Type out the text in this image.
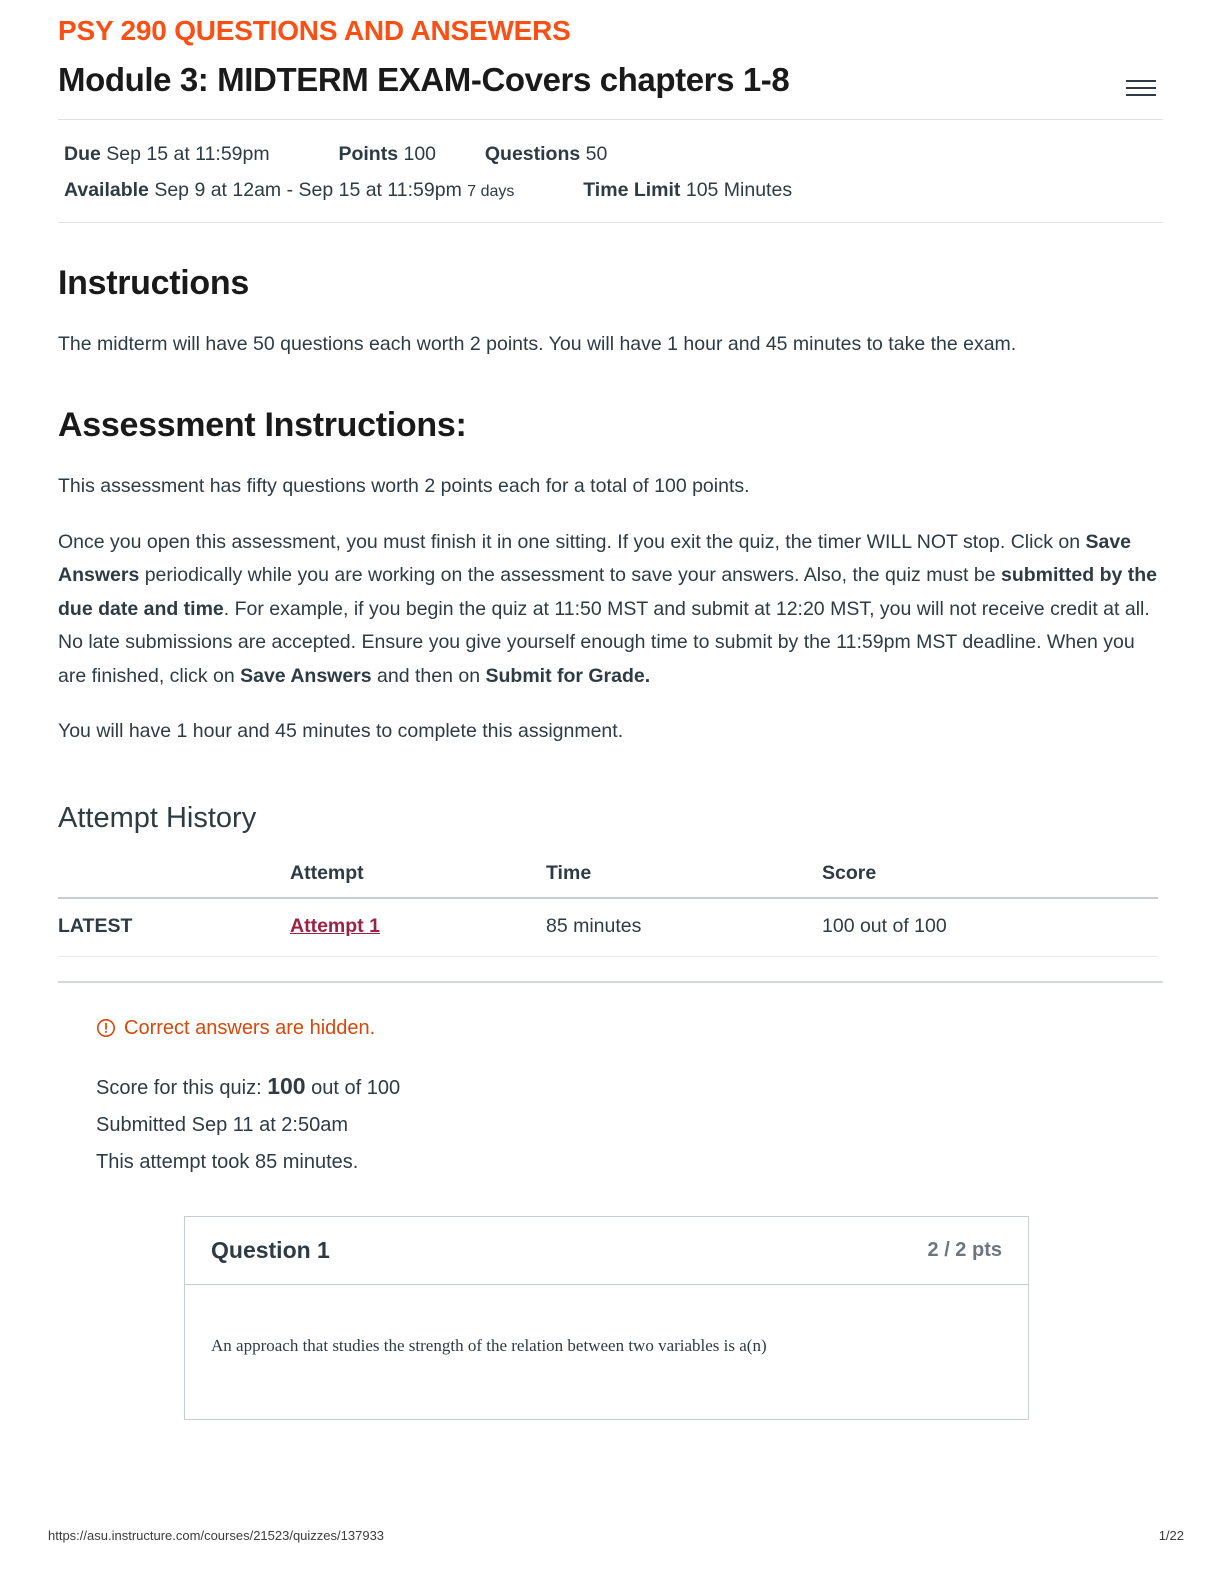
PSY 290 QUESTIONS AND ANSEWERS
Module 3: MIDTERM EXAM-Covers chapters 1-8
Due Sep 15 at 11:59pm	Points 100	Questions 50
Available Sep 9 at 12am - Sep 15 at 11:59pm 7 days	Time Limit 105 Minutes
Instructions

The midterm will have 50 questions each worth 2 points. You will have 1 hour and 45 minutes to take the exam.

Assessment Instructions:

This assessment has fifty questions worth 2 points each for a total of 100 points.

Once you open this assessment, you must finish it in one sitting. If you exit the quiz, the timer WILL NOT stop. Click on Save Answers periodically while you are working on the assessment to save your answers. Also, the quiz must be submitted by the due date and time. For example, if you begin the quiz at 11:50 MST and submit at 12:20 MST, you will not receive credit at all. No late submissions are accepted. Ensure you give yourself enough time to submit by the 11:59pm MST deadline. When you are finished, click on Save Answers and then on Submit for Grade.

You will have 1 hour and 45 minutes to complete this assignment.

Attempt History
	Attempt	Time	Score
LATEST	Attempt 1	85 minutes	100 out of 100
Correct answers are hidden.
Score for this quiz: 100 out of 100
Submitted Sep 11 at 2:50am
This attempt took 85 minutes.
Question 1	2 / 2 pts
An approach that studies the strength of the relation between two variables is a(n)
https://asu.instructure.com/courses/21523/quizzes/137933	1/22
